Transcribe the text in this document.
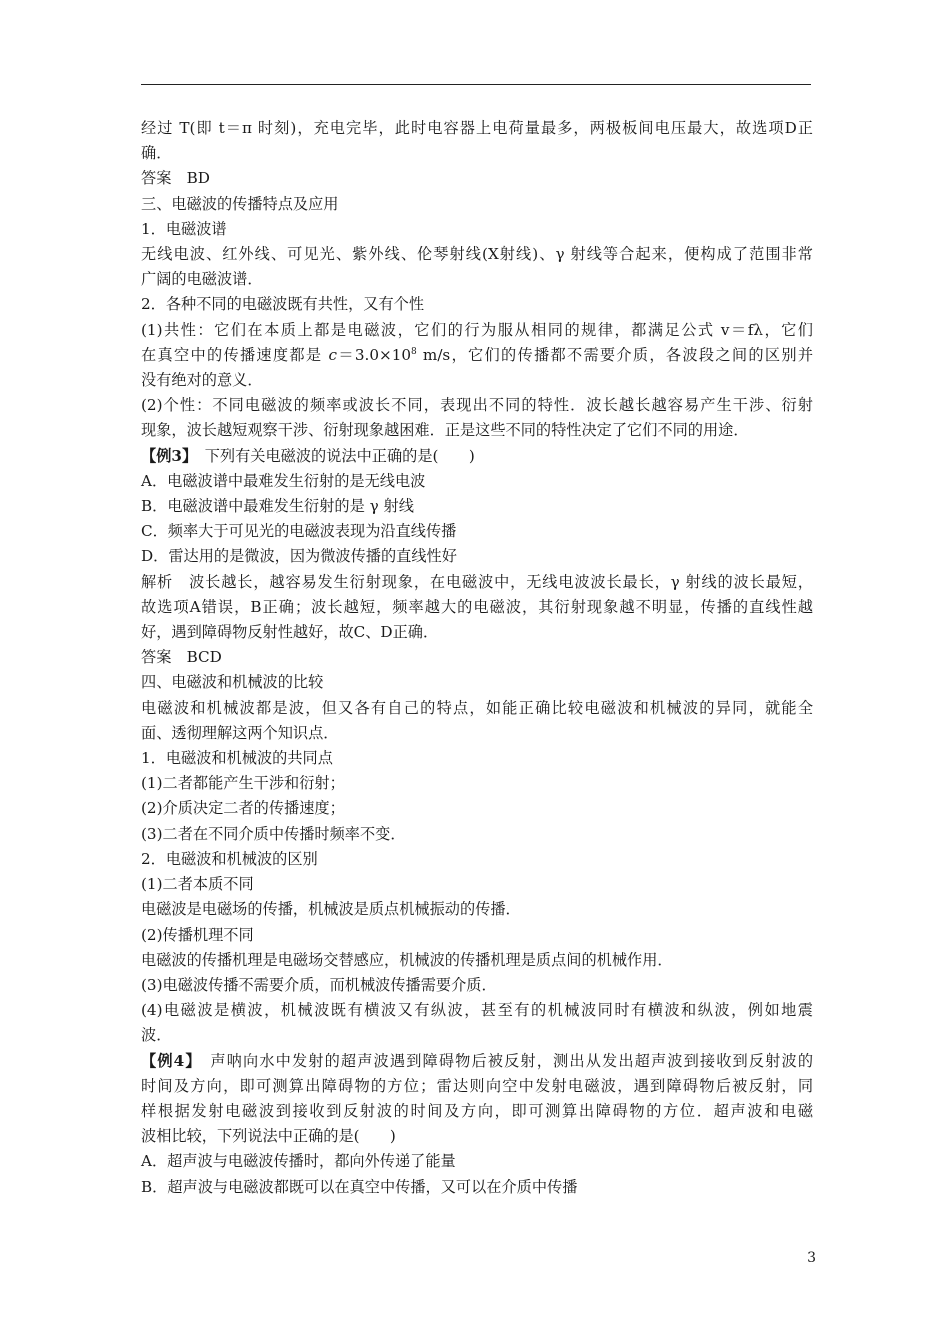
经过 T(即 t＝π 时刻)，充电完毕，此时电容器上电荷量最多，两极板间电压最大，故选项D正

确．

答案　BD

三、电磁波的传播特点及应用

1．电磁波谱

无线电波、红外线、可见光、紫外线、伦琴射线(X射线)、γ 射线等合起来，便构成了范围非常

广阔的电磁波谱．

2．各种不同的电磁波既有共性，又有个性

(1)共性：它们在本质上都是电磁波，它们的行为服从相同的规律，都满足公式 v＝fλ，它们

在真空中的传播速度都是 $c=3.0\times 10^8$ m/s，它们的传播都不需要介质，各波段之间的区别并

没有绝对的意义．

(2)个性：不同电磁波的频率或波长不同，表现出不同的特性．波长越长越容易产生干涉、衍射

现象，波长越短观察干涉、衍射现象越困难．正是这些不同的特性决定了它们不同的用途．

【例3】　下列有关电磁波的说法中正确的是(　　)

A．电磁波谱中最难发生衍射的是无线电波

B．电磁波谱中最难发生衍射的是 γ 射线

C．频率大于可见光的电磁波表现为沿直线传播

D．雷达用的是微波，因为微波传播的直线性好

解析　波长越长，越容易发生衍射现象，在电磁波中，无线电波波长最长，γ 射线的波长最短，

故选项A错误，B正确；波长越短，频率越大的电磁波，其衍射现象越不明显，传播的直线性越

好，遇到障碍物反射性越好，故C、D正确．

答案　BCD

四、电磁波和机械波的比较

电磁波和机械波都是波，但又各有自己的特点，如能正确比较电磁波和机械波的异同，就能全

面、透彻理解这两个知识点．

1．电磁波和机械波的共同点

(1)二者都能产生干涉和衍射；

(2)介质决定二者的传播速度；

(3)二者在不同介质中传播时频率不变．

2．电磁波和机械波的区别

(1)二者本质不同

电磁波是电磁场的传播，机械波是质点机械振动的传播．

(2)传播机理不同

电磁波的传播机理是电磁场交替感应，机械波的传播机理是质点间的机械作用．

(3)电磁波传播不需要介质，而机械波传播需要介质．

(4)电磁波是横波，机械波既有横波又有纵波，甚至有的机械波同时有横波和纵波，例如地震

波．

【例4】　声呐向水中发射的超声波遇到障碍物后被反射，测出从发出超声波到接收到反射波的

时间及方向，即可测算出障碍物的方位；雷达则向空中发射电磁波，遇到障碍物后被反射，同

样根据发射电磁波到接收到反射波的时间及方向，即可测算出障碍物的方位．超声波和电磁

波相比较，下列说法中正确的是(　　)

A．超声波与电磁波传播时，都向外传递了能量

B．超声波与电磁波都既可以在真空中传播，又可以在介质中传播

3
